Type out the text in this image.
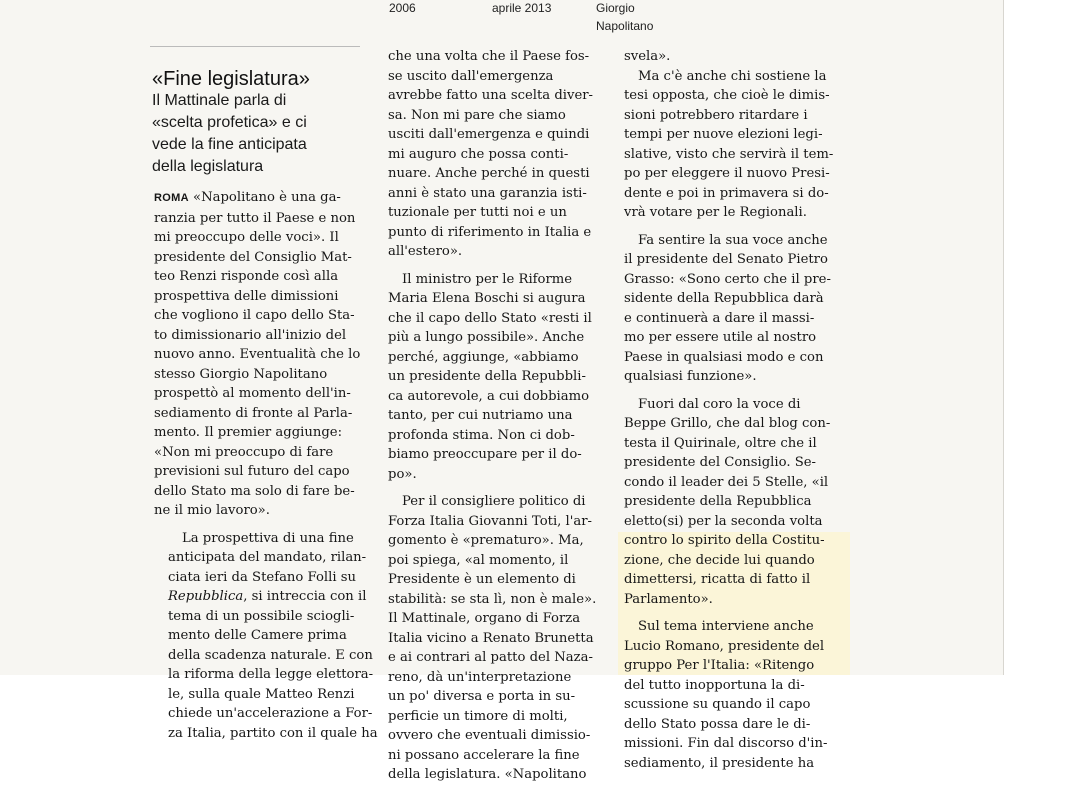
2006	aprile 2013	Giorgio
Napolitano
«Fine legislatura»
Il Mattinale parla di
«scelta profetica» e ci
vede la fine anticipata
della legislatura

ROMA «Napolitano è una ga-

ranzia per tutto il Paese e non
mi preoccupo delle voci». Il
presidente del Consiglio Mat-
teo Renzi risponde così alla
prospettiva delle dimissioni
che vogliono il capo dello Sta-
to dimissionario all'inizio del
nuovo anno. Eventualità che lo
stesso Giorgio Napolitano
prospettò al momento dell'in-
sediamento di fronte al Parla-
mento. Il premier aggiunge:
«Non mi preoccupo di fare
previsioni sul futuro del capo
dello Stato ma solo di fare be-
ne il mio lavoro».

La prospettiva di una fine
anticipata del mandato, rilan-
ciata ieri da Stefano Folli su
Repubblica, si intreccia con il
tema di un possibile sciogli-
mento delle Camere prima
della scadenza naturale. E con
la riforma della legge elettora-
le, sulla quale Matteo Renzi
chiede un'accelerazione a For-
za Italia, partito con il quale ha

che una volta che il Paese fos-
se uscito dall'emergenza
avrebbe fatto una scelta diver-
sa. Non mi pare che siamo
usciti dall'emergenza e quindi
mi auguro che possa conti-
nuare. Anche perché in questi
anni è stato una garanzia isti-
tuzionale per tutti noi e un
punto di riferimento in Italia e
all'estero».

Il ministro per le Riforme
Maria Elena Boschi si augura
che il capo dello Stato «resti il
più a lungo possibile». Anche
perché, aggiunge, «abbiamo
un presidente della Repubbli-
ca autorevole, a cui dobbiamo
tanto, per cui nutriamo una
profonda stima. Non ci dob-
biamo preoccupare per il do-
po».

Per il consigliere politico di
Forza Italia Giovanni Toti, l'ar-
gomento è «prematuro». Ma,
poi spiega, «al momento, il
Presidente è un elemento di
stabilità: se sta lì, non è male».
Il Mattinale, organo di Forza
Italia vicino a Renato Brunetta
e ai contrari al patto del Naza-
reno, dà un'interpretazione
un po' diversa e porta in su-
perficie un timore di molti,
ovvero che eventuali dimissio-
ni possano accelerare la fine
della legislatura. «Napolitano

svela».

Ma c'è anche chi sostiene la
tesi opposta, che cioè le dimis-
sioni potrebbero ritardare i
tempi per nuove elezioni legi-
slative, visto che servirà il tem-
po per eleggere il nuovo Presi-
dente e poi in primavera si do-
vrà votare per le Regionali.

Fa sentire la sua voce anche
il presidente del Senato Pietro
Grasso: «Sono certo che il pre-
sidente della Repubblica darà
e continuerà a dare il massi-
mo per essere utile al nostro
Paese in qualsiasi modo e con
qualsiasi funzione».

Fuori dal coro la voce di
Beppe Grillo, che dal blog con-
testa il Quirinale, oltre che il
presidente del Consiglio. Se-
condo il leader dei 5 Stelle, «il
presidente della Repubblica
eletto(si) per la seconda volta
contro lo spirito della Costitu-
zione, che decide lui quando
dimettersi, ricatta di fatto il
Parlamento».

Sul tema interviene anche
Lucio Romano, presidente del
gruppo Per l'Italia: «Ritengo
del tutto inopportuna la di-
scussione su quando il capo
dello Stato possa dare le di-
missioni. Fin dal discorso d'in-
sediamento, il presidente ha
